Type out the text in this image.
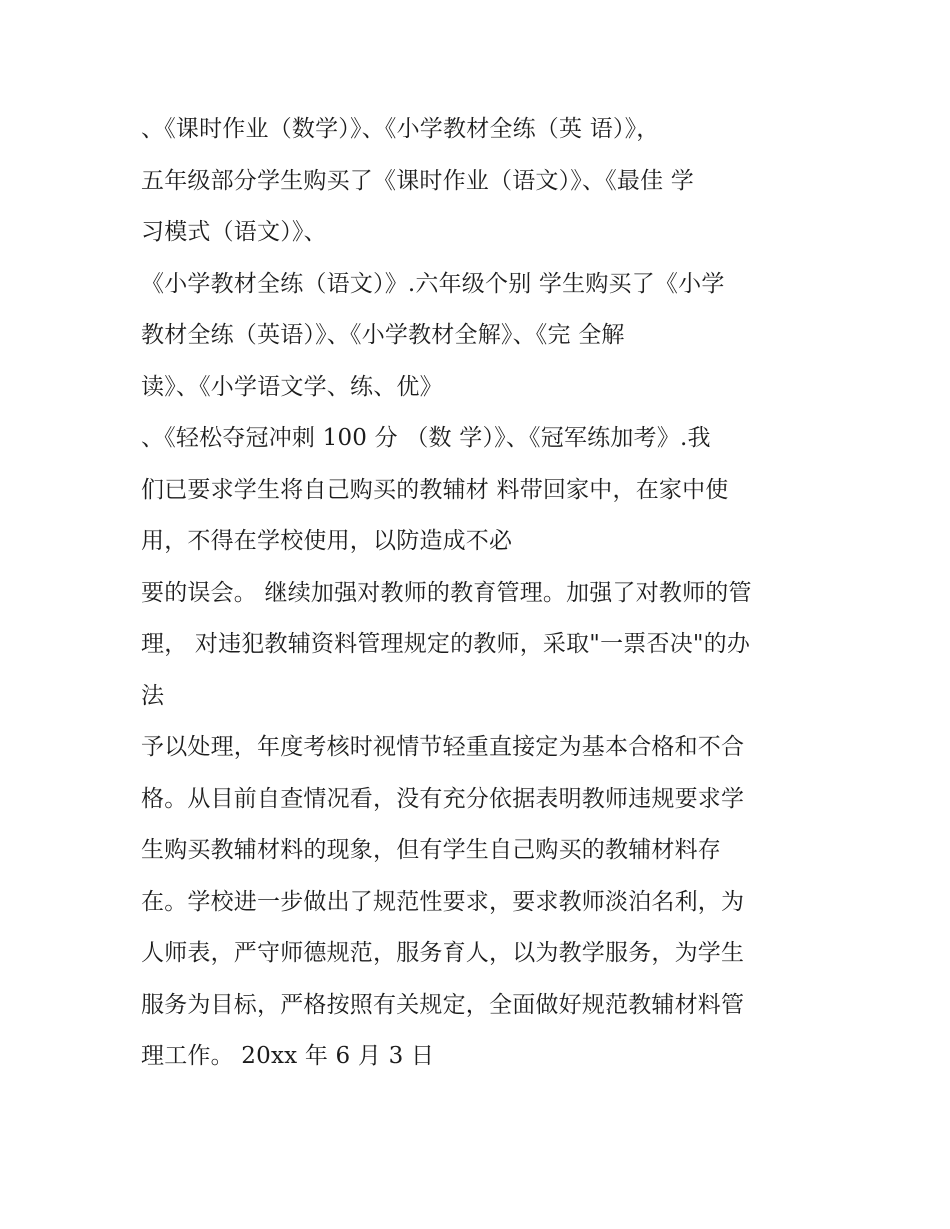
、《课时作业（数学）》、《小学教材全练（英 语）》，
五年级部分学生购买了《课时作业（语文）》、《最佳 学
习模式（语文）》、
《小学教材全练（语文）》.六年级个别 学生购买了《小学
教材全练（英语）》、《小学教材全解》、《完 全解
读》、《小学语文学、练、优》
、《轻松夺冠冲刺 100 分 （数 学）》、《冠军练加考》.我
们已要求学生将自己购买的教辅材 料带回家中，在家中使
用，不得在学校使用，以防造成不必
要的误会。 继续加强对教师的教育管理。加强了对教师的管
理， 对违犯教辅资料管理规定的教师，采取"一票否决"的办
法
予以处理，年度考核时视情节轻重直接定为基本合格和不合
格。从目前自查情况看，没有充分依据表明教师违规要求学
生购买教辅材料的现象，但有学生自己购买的教辅材料存
在。学校进一步做出了规范性要求，要求教师淡泊名利，为
人师表，严守师德规范，服务育人，以为教学服务，为学生
服务为目标，严格按照有关规定，全面做好规范教辅材料管
理工作。 20xx 年 6 月 3 日
